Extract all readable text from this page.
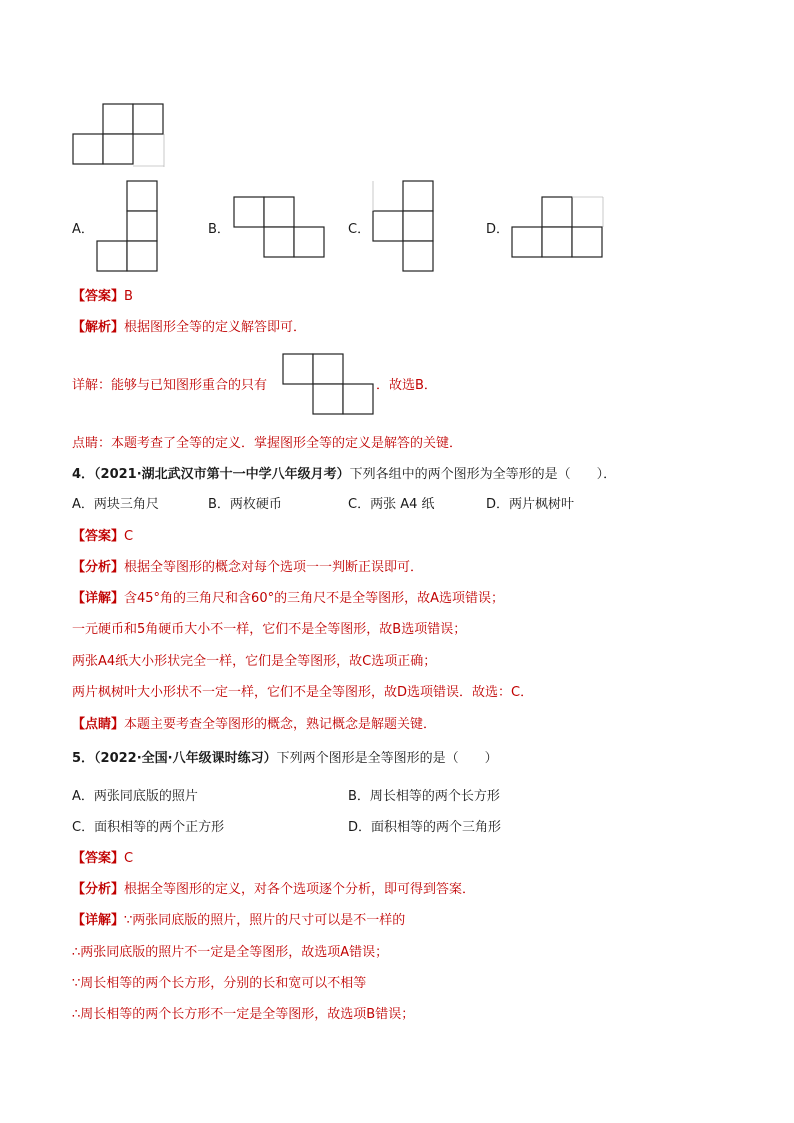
A．	B．	C．	D．
【答案】B
【解析】根据图形全等的定义解答即可．
详解：能够与已知图形重合的只有	．故选B．
点睛：本题考查了全等的定义．掌握图形全等的定义是解答的关键．
4．（2021·湖北武汉市第十一中学八年级月考）下列各组中的两个图形为全等形的是（　　）．
A．两块三角尺	B．两枚硬币	C．两张 A4 纸	D．两片枫树叶
【答案】C
【分析】根据全等图形的概念对每个选项一一判断正误即可．
【详解】含45°角的三角尺和含60°的三角尺不是全等图形，故A选项错误；
一元硬币和5角硬币大小不一样，它们不是全等图形，故B选项错误；
两张A4纸大小形状完全一样，它们是全等图形，故C选项正确；
两片枫树叶大小形状不一定一样，它们不是全等图形，故D选项错误．故选：C．
【点睛】本题主要考查全等图形的概念，熟记概念是解题关键．
5．（2022·全国·八年级课时练习）下列两个图形是全等图形的是（　　）
A．两张同底版的照片	B．周长相等的两个长方形
C．面积相等的两个正方形	D．面积相等的两个三角形
【答案】C
【分析】根据全等图形的定义，对各个选项逐个分析，即可得到答案．
【详解】∵两张同底版的照片，照片的尺寸可以是不一样的
∴两张同底版的照片不一定是全等图形，故选项A错误；
∵周长相等的两个长方形，分别的长和宽可以不相等
∴周长相等的两个长方形不一定是全等图形，故选项B错误；
